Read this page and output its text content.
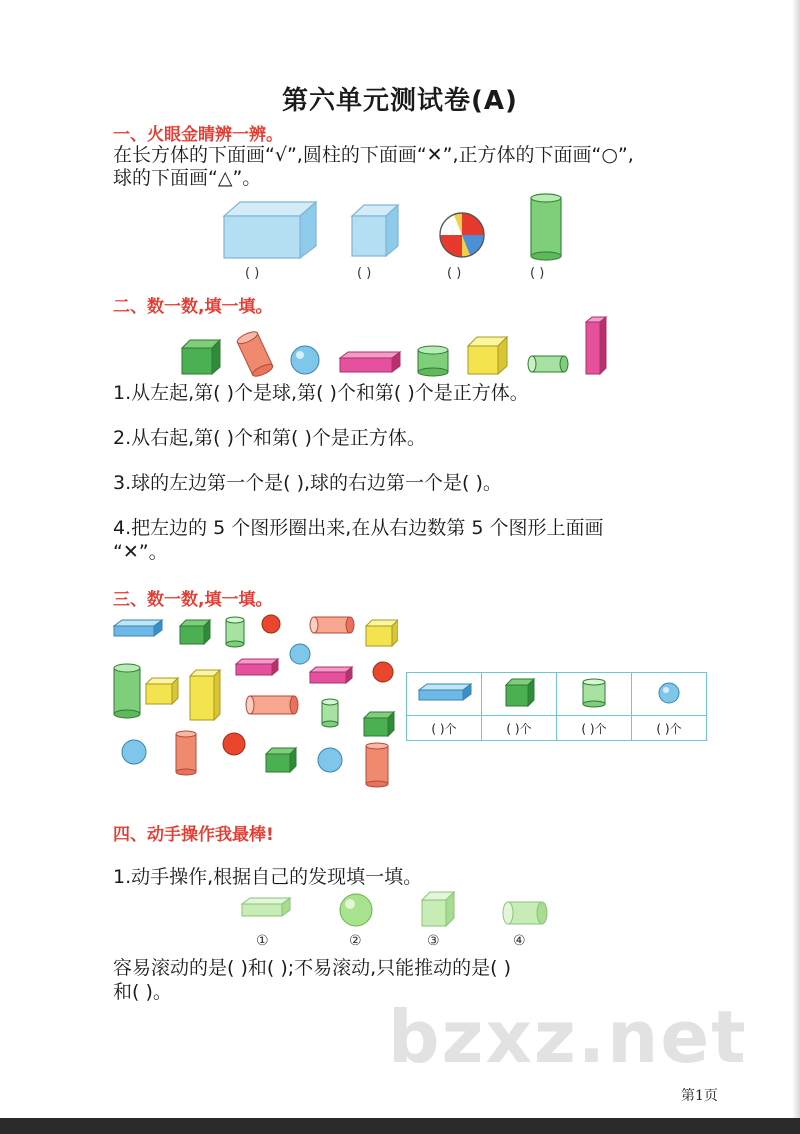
第六单元测试卷(A)
一、火眼金睛辨一辨。
在长方体的下面画“√”,圆柱的下面画“✕”,正方体的下面画“○”,
球的下面画“△”。
( )	( )	( )	( )
二、数一数,填一填。
1.从左起,第( )个是球,第( )个和第( )个是正方体。
2.从右起,第( )个和第( )个是正方体。
3.球的左边第一个是( ),球的右边第一个是( )。
4.把左边的 5 个图形圈出来,在从右边数第 5 个图形上面画
“✕”。
三、数一数,填一填。

( )个	( )个	( )个	( )个
四、动手操作我最棒!
1.动手操作,根据自己的发现填一填。
①	②	③	④
容易滚动的是( )和( );不易滚动,只能推动的是( )
和( )。
bzxz.net
第1页
